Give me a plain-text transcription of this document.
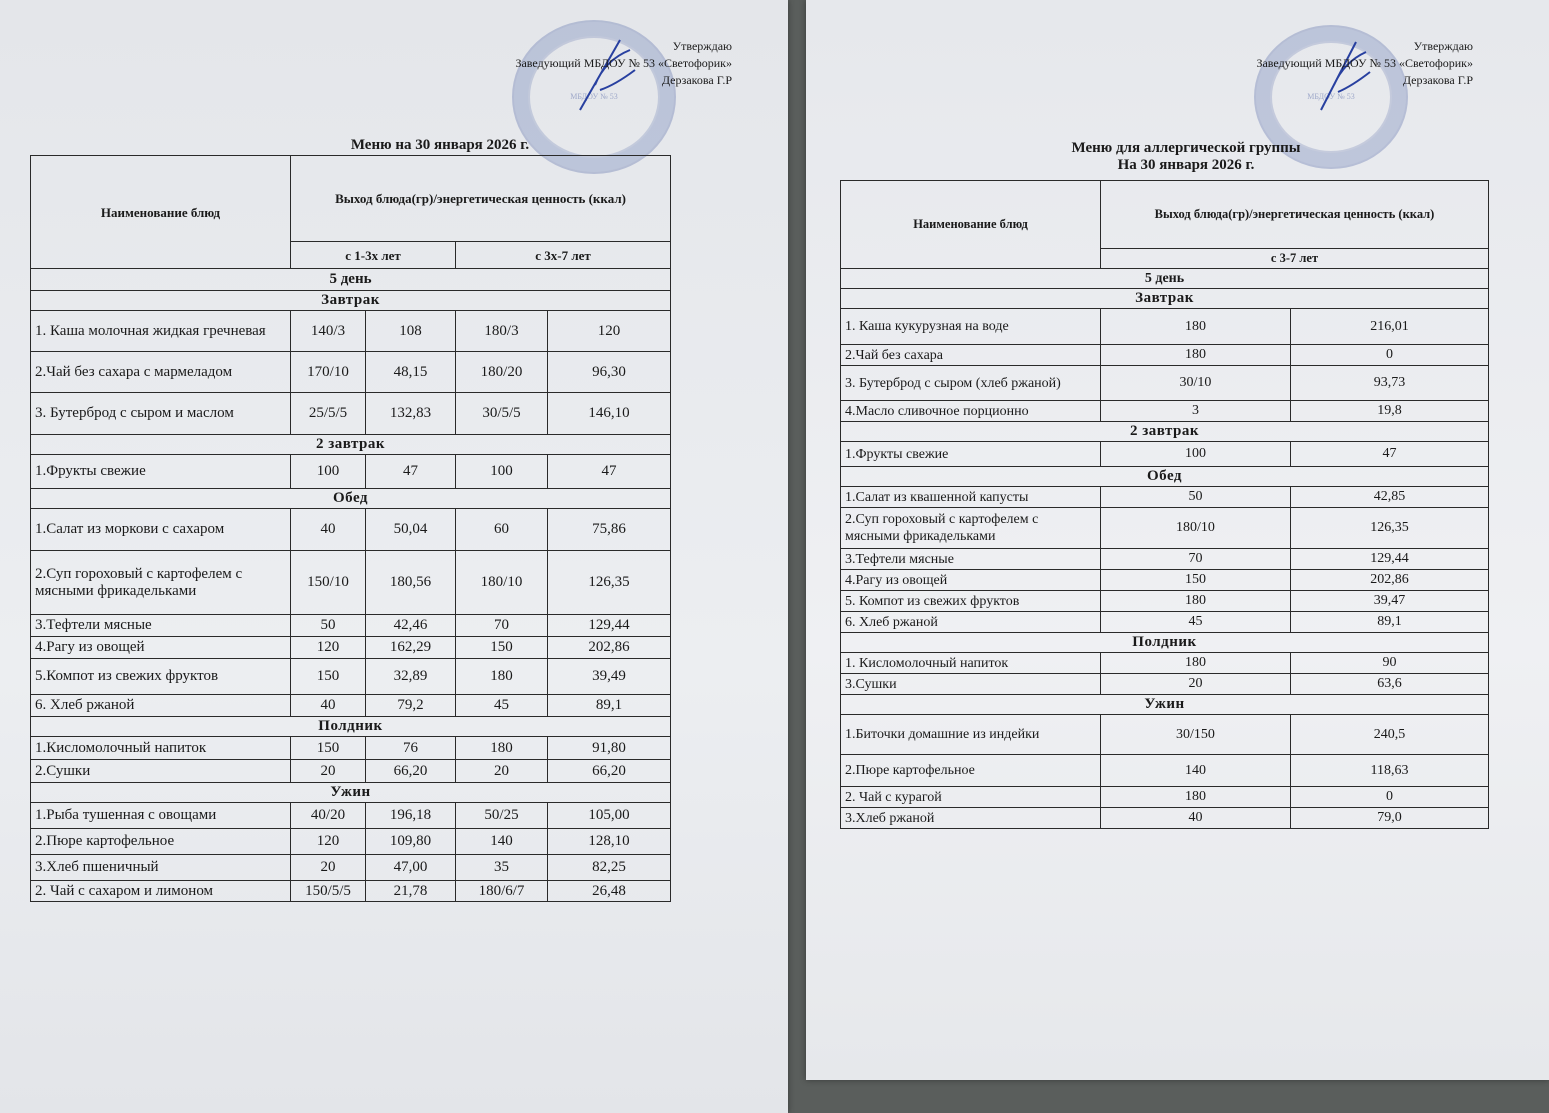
МБДОУ № 53
Утверждаю
Заведующий МБДОУ № 53 «Светофорик»
Дерзакова Г.Р
Меню на 30 января 2026 г.
Наименование блюд	Выход блюда(гр)/энергетическая ценность (ккал)			
	с 1-3х лет		с 3х-7 лет	
5 день				
Завтрак				
1. Каша молочная жидкая гречневая	140/3	108	180/3	120
2.Чай без сахара с мармеладом	170/10	48,15	180/20	96,30
3. Бутерброд с сыром и маслом	25/5/5	132,83	30/5/5	146,10
2 завтрак				
1.Фрукты свежие	100	47	100	47
Обед				
1.Салат из моркови с сахаром	40	50,04	60	75,86
2.Суп гороховый с картофелем с мясными фрикадельками	150/10	180,56	180/10	126,35
3.Тефтели мясные	50	42,46	70	129,44
4.Рагу из овощей	120	162,29	150	202,86
5.Компот из свежих фруктов	150	32,89	180	39,49
6. Хлеб ржаной	40	79,2	45	89,1
Полдник				
1.Кисломолочный напиток	150	76	180	91,80
2.Сушки	20	66,20	20	66,20
Ужин				
1.Рыба тушенная с овощами	40/20	196,18	50/25	105,00
2.Пюре картофельное	120	109,80	140	128,10
3.Хлеб пшеничный	20	47,00	35	82,25
2. Чай с сахаром и лимоном	150/5/5	21,78	180/6/7	26,48
МБДОУ № 53
Утверждаю
Заведующий МБДОУ № 53 «Светофорик»
Дерзакова Г.Р
Меню для аллергической группы
На 30 января 2026 г.
Наименование блюд	Выход блюда(гр)/энергетическая ценность (ккал)	
	с 3-7 лет	
5 день		
Завтрак		
1. Каша кукурузная на воде	180	216,01
2.Чай без сахара	180	0
3. Бутерброд с сыром (хлеб ржаной)	30/10	93,73
4.Масло сливочное порционно	3	19,8
2 завтрак		
1.Фрукты свежие	100	47
Обед		
1.Салат из квашенной капусты	50	42,85
2.Суп гороховый с картофелем с мясными фрикадельками	180/10	126,35
3.Тефтели мясные	70	129,44
4.Рагу из овощей	150	202,86
5. Компот из свежих фруктов	180	39,47
6. Хлеб ржаной	45	89,1
Полдник		
1. Кисломолочный напиток	180	90
3.Сушки	20	63,6
Ужин		
1.Биточки домашние из индейки	30/150	240,5
2.Пюре картофельное	140	118,63
2. Чай с курагой	180	0
3.Хлеб ржаной	40	79,0
